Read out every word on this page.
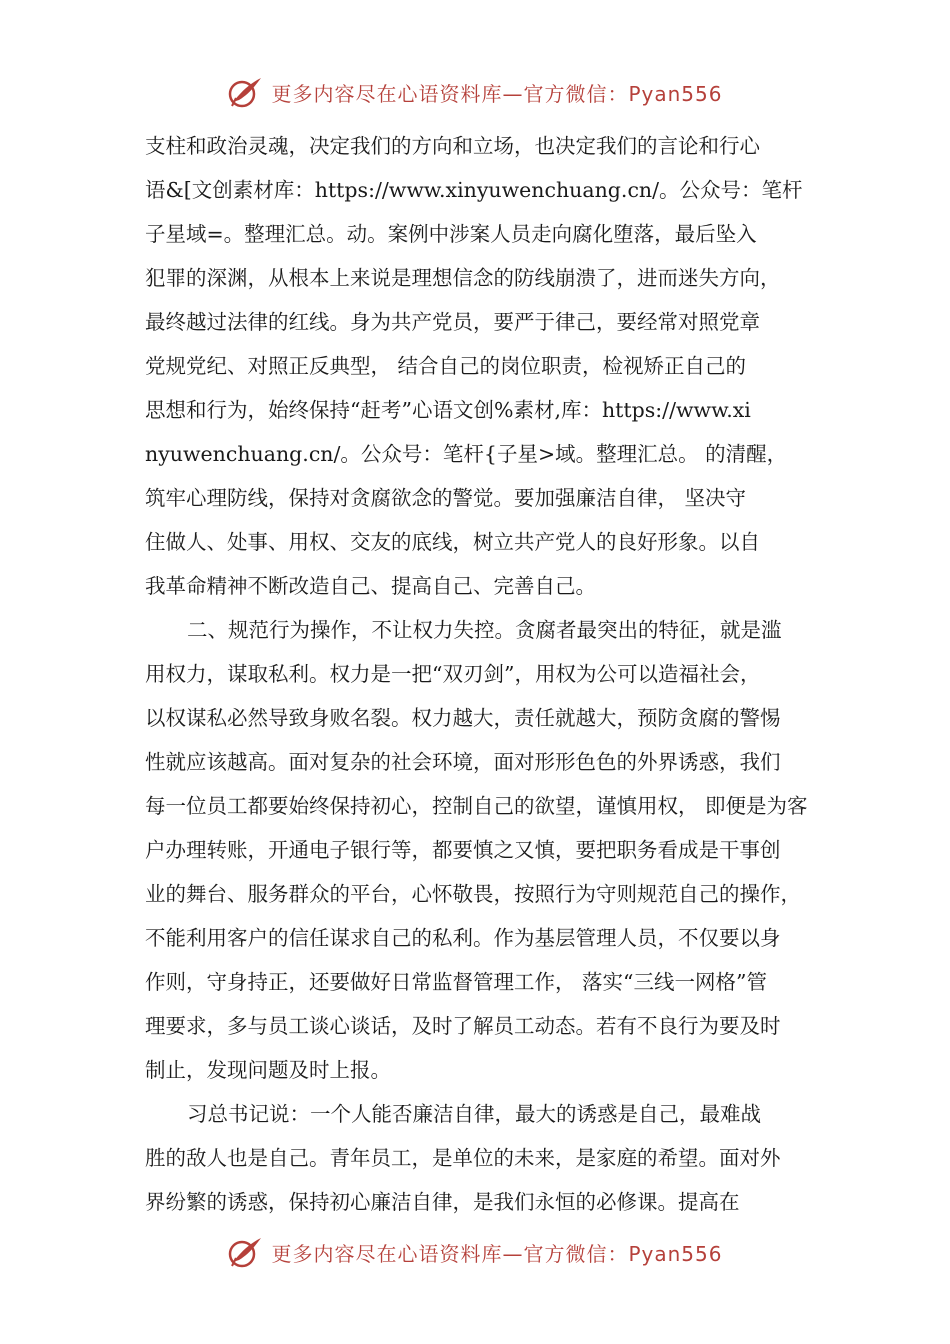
更多内容尽在心语资料库—官方微信：Pyan556
支柱和政治灵魂，决定我们的方向和立场，也决定我们的言论和行心
语&[文创素材库：https://www.xinyuwenchuang.cn/。公众号：笔杆
子星域=。整理汇总。动。案例中涉案人员走向腐化堕落，最后坠入
犯罪的深渊，从根本上来说是理想信念的防线崩溃了，进而迷失方向，
最终越过法律的红线。身为共产党员，要严于律己，要经常对照党章
党规党纪、对照正反典型， 结合自己的岗位职责，检视矫正自己的
思想和行为，始终保持“赶考”心语文创%素材,库：https://www.xi
nyuwenchuang.cn/。公众号：笔杆{子星>域。整理汇总。 的清醒，
筑牢心理防线，保持对贪腐欲念的警觉。要加强廉洁自律， 坚决守
住做人、处事、用权、交友的底线，树立共产党人的良好形象。以自
我革命精神不断改造自己、提高自己、完善自己。
二、规范行为操作，不让权力失控。贪腐者最突出的特征，就是滥
用权力，谋取私利。权力是一把“双刃剑”，用权为公可以造福社会，
以权谋私必然导致身败名裂。权力越大，责任就越大，预防贪腐的警惕
性就应该越高。面对复杂的社会环境，面对形形色色的外界诱惑，我们
每一位员工都要始终保持初心，控制自己的欲望，谨慎用权， 即便是为客
户办理转账，开通电子银行等，都要慎之又慎，要把职务看成是干事创
业的舞台、服务群众的平台，心怀敬畏，按照行为守则规范自己的操作，
不能利用客户的信任谋求自己的私利。作为基层管理人员，不仅要以身
作则，守身持正，还要做好日常监督管理工作， 落实“三线一网格”管
理要求，多与员工谈心谈话，及时了解员工动态。若有不良行为要及时
制止，发现问题及时上报。
习总书记说：一个人能否廉洁自律，最大的诱惑是自己，最难战
胜的敌人也是自己。青年员工，是单位的未来，是家庭的希望。面对外
界纷繁的诱惑，保持初心廉洁自律，是我们永恒的必修课。提高在
更多内容尽在心语资料库—官方微信：Pyan556
